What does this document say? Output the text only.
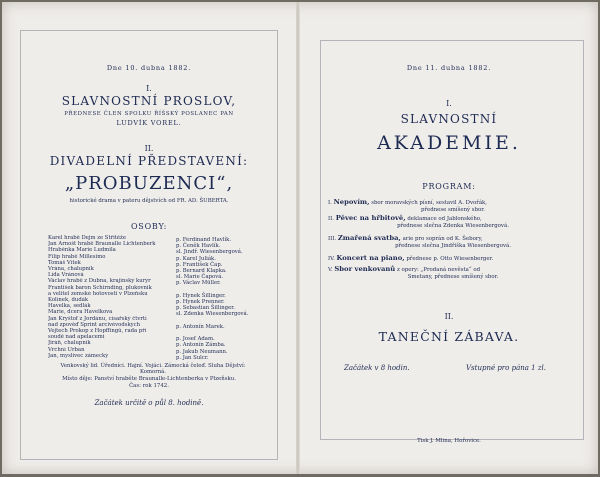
Dne 10. dubna 1882.
I.
SLAVNOSTNÍ PROSLOV,
PŘEDNESE ČLEN SPOLKU ŘÍŠSKÝ POSLANEC PAN
LUDVÍK VOREL.
II.
DIVADELNÍ PŘEDSTAVENÍ:
„PROBUZENCI“,
historické drama v pateru dějstvích od FR. AD. ŠUBERTA.
OSOBY:
Karel hrabě Dejm ze Střítěže	p. Ferdinand Havlík.
Jan Arnošt hrabě Braunalle Lichtenberk	p. Čeněk Havlík.
Hraběnka Marie Ludmila	sl. Jindř. Wiesenbergová.
Filip hrabě Millesimo	p. Karel Juliák.
Tomáš Vítek	p. František Čap.
Vrána, chalupník	p. Bernard Klapka.
Lída Vránová	sl. Marie Čapová.
Václav hrabě z Dubna, krajinský kurýr	p. Václav Müller.
František baron Schirnding, plukovník
a velitel zemské hotovosti v Plzeňsku	p. Hynek Šillinger.
Kolínek, dudák	p. Hynek Prenner.
Havelka, sedlák	p. Sebastian Šillinger.
Marie, dcera Havelkova	sl. Zdenka Wiesenbergová.
Jan Kryštof z Jordánu, císařský čtvrtí
nad zpověď Sprint arcivévodských	p. Antonín Marek.
Vejtech Prokop z Hopffingů, rada pří
soudě nad apelacemi	p. Josef Adam.
Jiráň, chalupník	p. Antonín Zámba.
Vrchní Urban	p. Jakub Neumann.
Jan, myslivec zámecký	p. Jan Sulcr.
Venkovský lid. Úředníci. Hajní. Vojáci. Zámecká čeleď. Sluha Dějství: Komorná.
Místo děje: Panství hraběte Braunalle-Lichtenberka v Plzeňsku.
Čas: rok 1742.
Začátek určitě o půl 8. hodině.
Dne 11. dubna 1882.
I.
SLAVNOSTNÍ
AKADEMIE.
PROGRAM:
I. Nepovím, sbor moravských písní, sestavil A. Dvořák,
přednese smíšený sbor.
II. Pěvec na hřbitově, deklamace od Jablonského,
přednese slečna Zdenka Wiesenbergová.
III. Zmařená svatba, arie pro soprán od K. Šebory,
přednese slečna Jindřiška Wiesenbergová.
IV. Koncert na piano, přednese p. Otto Wiesenberger.
V. Sbor venkovanů z opery: „Prodaná nevěsta“ od
Smetany, přednese smíšený sbor.
II.
TANEČNÍ ZÁBAVA.
Začátek v 8 hodin.	Vstupné pro pána 1 zl.
Tisk J. Mlina, Hořovice.
